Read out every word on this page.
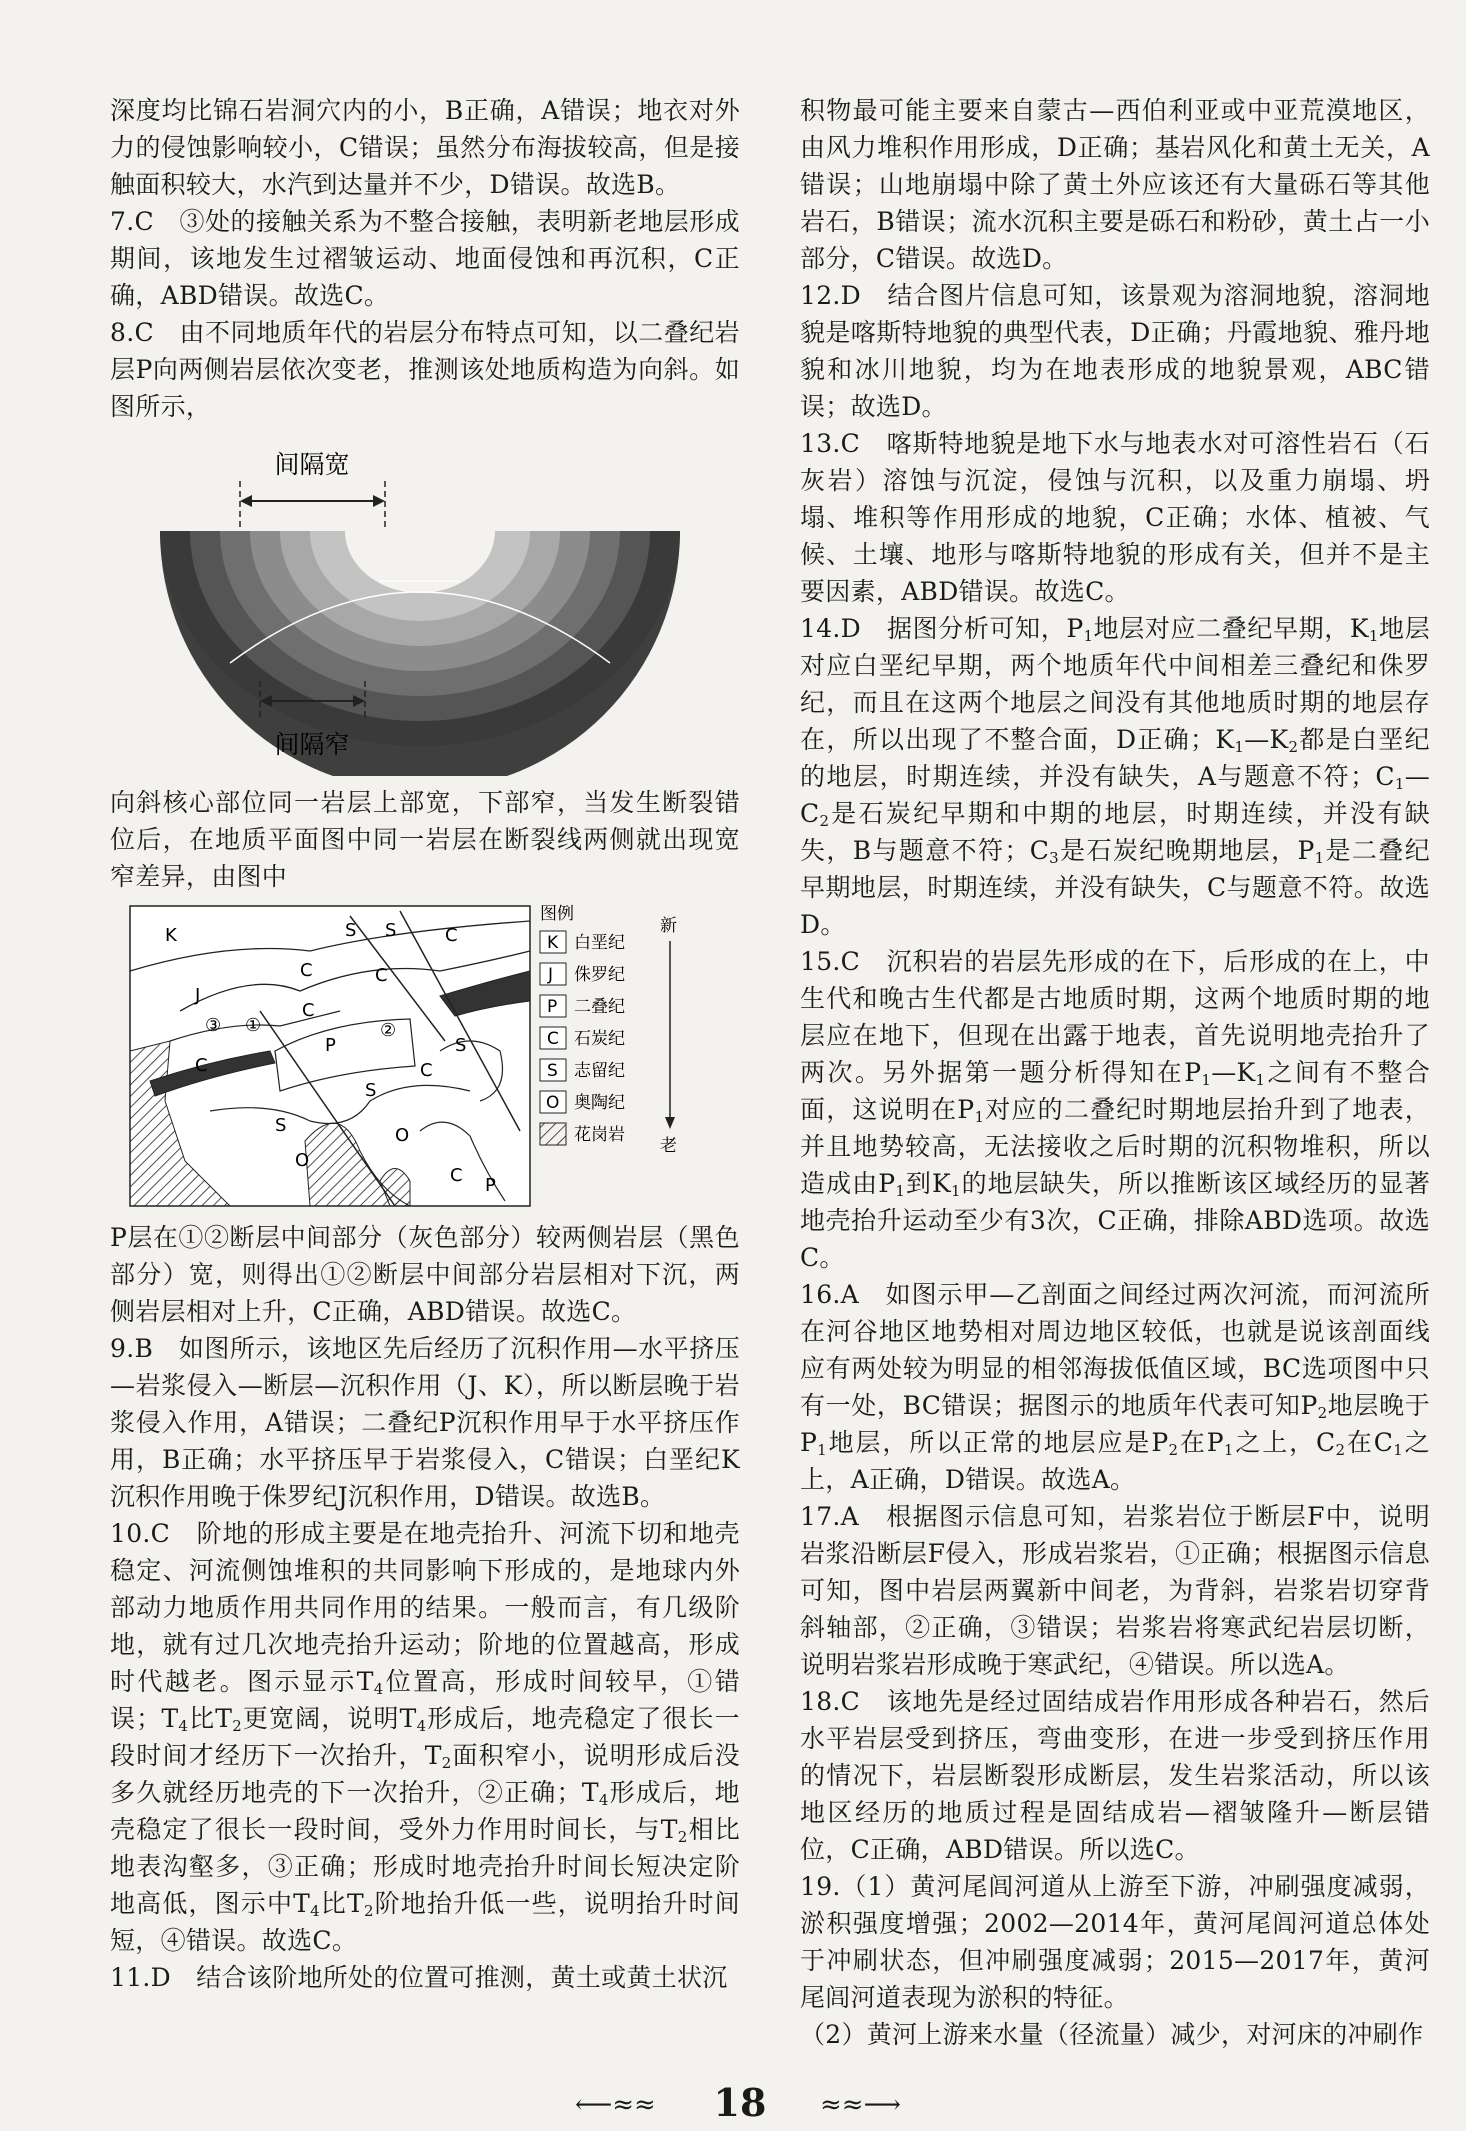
深度均比锦石岩洞穴内的小，B正确，A错误；地衣对外力的侵蚀影响较小，C错误；虽然分布海拔较高，但是接触面积较大，水汽到达量并不少，D错误。故选B。

7.C　③处的接触关系为不整合接触，表明新老地层形成期间，该地发生过褶皱运动、地面侵蚀和再沉积，C正确，ABD错误。故选C。

8.C　由不同地质年代的岩层分布特点可知，以二叠纪岩层P向两侧岩层依次变老，推测该处地质构造为向斜。如图所示，

间隔宽
间隔窄

向斜核心部位同一岩层上部宽，下部窄，当发生断裂错位后，在地质平面图中同一岩层在断裂线两侧就出现宽窄差异，由图中

K
J
③ ①
C
C
C
P
S S	C
P
C
②
S
S
C
S	O
O
C P
图例
K 白垩纪
J 侏罗纪
P 二叠纪
C 石炭纪
S 志留纪
O 奥陶纪
花岗岩
新
老

P层在①②断层中间部分（灰色部分）较两侧岩层（黑色部分）宽，则得出①②断层中间部分岩层相对下沉，两侧岩层相对上升，C正确，ABD错误。故选C。

9.B　如图所示，该地区先后经历了沉积作用—水平挤压—岩浆侵入—断层—沉积作用（J、K），所以断层晚于岩浆侵入作用，A错误；二叠纪P沉积作用早于水平挤压作用，B正确；水平挤压早于岩浆侵入，C错误；白垩纪K沉积作用晚于侏罗纪J沉积作用，D错误。故选B。

10.C　阶地的形成主要是在地壳抬升、河流下切和地壳稳定、河流侧蚀堆积的共同影响下形成的，是地球内外部动力地质作用共同作用的结果。一般而言，有几级阶地，就有过几次地壳抬升运动；阶地的位置越高，形成时代越老。图示显示$T_4$位置高，形成时间较早，①错误；$T_4$比$T_2$更宽阔，说明$T_4$形成后，地壳稳定了很长一段时间才经历下一次抬升，$T_2$面积窄小，说明形成后没多久就经历地壳的下一次抬升，②正确；$T_4$形成后，地壳稳定了很长一段时间，受外力作用时间长，与$T_2$相比地表沟壑多，③正确；形成时地壳抬升时间长短决定阶地高低，图示中$T_4$比$T_2$阶地抬升低一些，说明抬升时间短，④错误。故选C。

11.D　结合该阶地所处的位置可推测，黄土或黄土状沉

积物最可能主要来自蒙古—西伯利亚或中亚荒漠地区，由风力堆积作用形成，D正确；基岩风化和黄土无关，A错误；山地崩塌中除了黄土外应该还有大量砾石等其他岩石，B错误；流水沉积主要是砾石和粉砂，黄土占一小部分，C错误。故选D。

12.D　结合图片信息可知，该景观为溶洞地貌，溶洞地貌是喀斯特地貌的典型代表，D正确；丹霞地貌、雅丹地貌和冰川地貌，均为在地表形成的地貌景观，ABC错误；故选D。

13.C　喀斯特地貌是地下水与地表水对可溶性岩石（石灰岩）溶蚀与沉淀，侵蚀与沉积，以及重力崩塌、坍塌、堆积等作用形成的地貌，C正确；水体、植被、气候、土壤、地形与喀斯特地貌的形成有关，但并不是主要因素，ABD错误。故选C。

14.D　据图分析可知，$P_1$地层对应二叠纪早期，$K_1$地层对应白垩纪早期，两个地质年代中间相差三叠纪和侏罗纪，而且在这两个地层之间没有其他地质时期的地层存在，所以出现了不整合面，D正确；$K_1—K_2$都是白垩纪的地层，时期连续，并没有缺失，A与题意不符；$C_1—C_2$是石炭纪早期和中期的地层，时期连续，并没有缺失，B与题意不符；$C_3$是石炭纪晚期地层，$P_1$是二叠纪早期地层，时期连续，并没有缺失，C与题意不符。故选D。

15.C　沉积岩的岩层先形成的在下，后形成的在上，中生代和晚古生代都是古地质时期，这两个地质时期的地层应在地下，但现在出露于地表，首先说明地壳抬升了两次。另外据第一题分析得知在$P_1—K_1$之间有不整合面，这说明在$P_1$对应的二叠纪时期地层抬升到了地表，并且地势较高，无法接收之后时期的沉积物堆积，所以造成由$P_1$到$K_1$的地层缺失，所以推断该区域经历的显著地壳抬升运动至少有3次，C正确，排除ABD选项。故选C。

16.A　如图示甲—乙剖面之间经过两次河流，而河流所在河谷地区地势相对周边地区较低，也就是说该剖面线应有两处较为明显的相邻海拔低值区域，BC选项图中只有一处，BC错误；据图示的地质年代表可知$P_2$地层晚于$P_1$地层，所以正常的地层应是$P_2$在$P_1$之上，$C_2$在$C_1$之上，A正确，D错误。故选A。

17.A　根据图示信息可知，岩浆岩位于断层F中，说明岩浆沿断层F侵入，形成岩浆岩，①正确；根据图示信息可知，图中岩层两翼新中间老，为背斜，岩浆岩切穿背斜轴部，②正确，③错误；岩浆岩将寒武纪岩层切断，说明岩浆岩形成晚于寒武纪，④错误。所以选A。

18.C　该地先是经过固结成岩作用形成各种岩石，然后水平岩层受到挤压，弯曲变形，在进一步受到挤压作用的情况下，岩层断裂形成断层，发生岩浆活动，所以该地区经历的地质过程是固结成岩—褶皱隆升—断层错位，C正确，ABD错误。所以选C。

19.（1）黄河尾闾河道从上游至下游，冲刷强度减弱，淤积强度增强；2002—2014年，黄河尾闾河道总体处于冲刷状态，但冲刷强度减弱；2015—2017年，黄河尾闾河道表现为淤积的特征。

（2）黄河上游来水量（径流量）减少，对河床的冲刷作

⟵≈≈	18	≈≈⟶
